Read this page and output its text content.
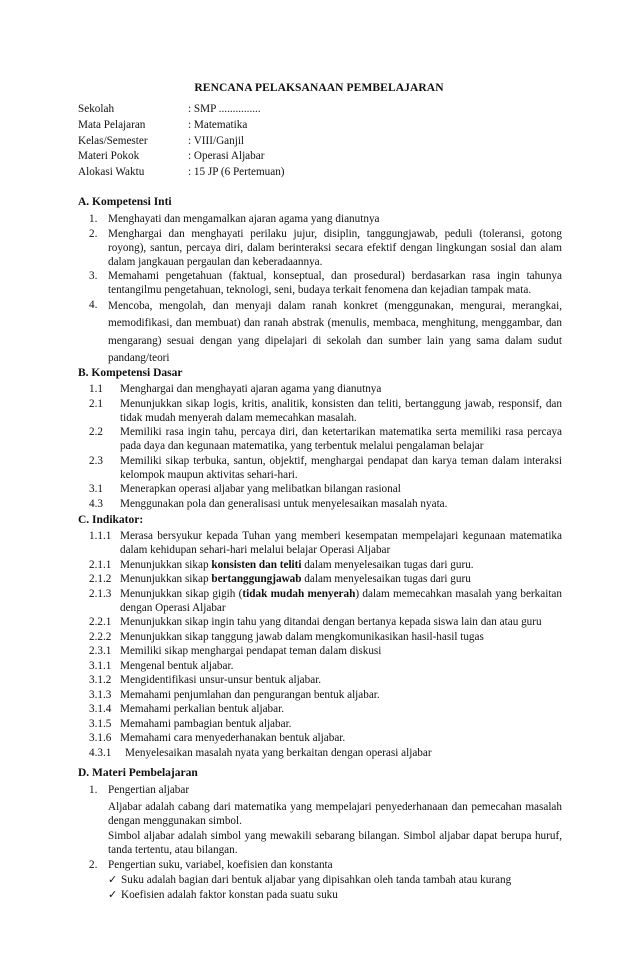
RENCANA PELAKSANAAN PEMBELAJARAN
Sekolah	: SMP ...............
Mata Pelajaran	: Matematika
Kelas/Semester	: VIII/Ganjil
Materi Pokok	: Operasi Aljabar
Alokasi Waktu	: 15 JP (6 Pertemuan)
A. Kompetensi Inti
1. Menghayati dan mengamalkan ajaran agama yang dianutnya

2. Menghargai dan menghayati perilaku jujur, disiplin, tanggungjawab, peduli (toleransi, gotong royong), santun, percaya diri, dalam berinteraksi secara efektif dengan lingkungan sosial dan alam dalam jangkauan pergaulan dan keberadaannya.

3. Memahami pengetahuan (faktual, konseptual, dan prosedural) berdasarkan rasa ingin tahunya tentangilmu pengetahuan, teknologi, seni, budaya terkait fenomena dan kejadian tampak mata.

4. Mencoba, mengolah, dan menyaji dalam ranah konkret (menggunakan, mengurai, merangkai, memodifikasi, dan membuat) dan ranah abstrak (menulis, membaca, menghitung, menggambar, dan mengarang) sesuai dengan yang dipelajari di sekolah dan sumber lain yang sama dalam sudut pandang/teori

B. Kompetensi Dasar
1.1 Menghargai dan menghayati ajaran agama yang dianutnya

2.1 Menunjukkan sikap logis, kritis, analitik, konsisten dan teliti, bertanggung jawab, responsif, dan tidak mudah menyerah dalam memecahkan masalah.

2.2 Memiliki rasa ingin tahu, percaya diri, dan ketertarikan matematika serta memiliki rasa percaya pada daya dan kegunaan matematika, yang terbentuk melalui pengalaman belajar

2.3 Memiliki sikap terbuka, santun, objektif, menghargai pendapat dan karya teman dalam interaksi kelompok maupun aktivitas sehari-hari.

3.1 Menerapkan operasi aljabar yang melibatkan bilangan rasional

4.3 Menggunakan pola dan generalisasi untuk menyelesaikan masalah nyata.

C. Indikator:
1.1.1 Merasa bersyukur kepada Tuhan yang memberi kesempatan mempelajari kegunaan matematika dalam kehidupan sehari-hari melalui belajar Operasi Aljabar

2.1.1 Menunjukkan sikap konsisten dan teliti dalam menyelesaikan tugas dari guru.

2.1.2 Menunjukkan sikap bertanggungjawab dalam menyelesaikan tugas dari guru

2.1.3 Menunjukkan sikap gigih (tidak mudah menyerah) dalam memecahkan masalah yang berkaitan dengan Operasi Aljabar

2.2.1 Menunjukkan sikap ingin tahu yang ditandai dengan bertanya kepada siswa lain dan atau guru

2.2.2 Menunjukkan sikap tanggung jawab dalam mengkomunikasikan hasil-hasil tugas

2.3.1 Memiliki sikap menghargai pendapat teman dalam diskusi

3.1.1 Mengenal bentuk aljabar.

3.1.2 Mengidentifikasi unsur-unsur bentuk aljabar.

3.1.3 Memahami penjumlahan dan pengurangan bentuk aljabar.

3.1.4 Memahami perkalian bentuk aljabar.

3.1.5 Memahami pambagian bentuk aljabar.

3.1.6 Memahami cara menyederhanakan bentuk aljabar.

4.3.1 Menyelesaikan masalah nyata yang berkaitan dengan operasi aljabar

D. Materi Pembelajaran
1. Pengertian aljabar

Aljabar adalah cabang dari matematika yang mempelajari penyederhanaan dan pemecahan masalah dengan menggunakan simbol.

Simbol aljabar adalah simbol yang mewakili sebarang bilangan. Simbol aljabar dapat berupa huruf, tanda tertentu, atau bilangan.

2. Pengertian suku, variabel, koefisien dan konstanta

✓ Suku adalah bagian dari bentuk aljabar yang dipisahkan oleh tanda tambah atau kurang
✓ Koefisien adalah faktor konstan pada suatu suku
